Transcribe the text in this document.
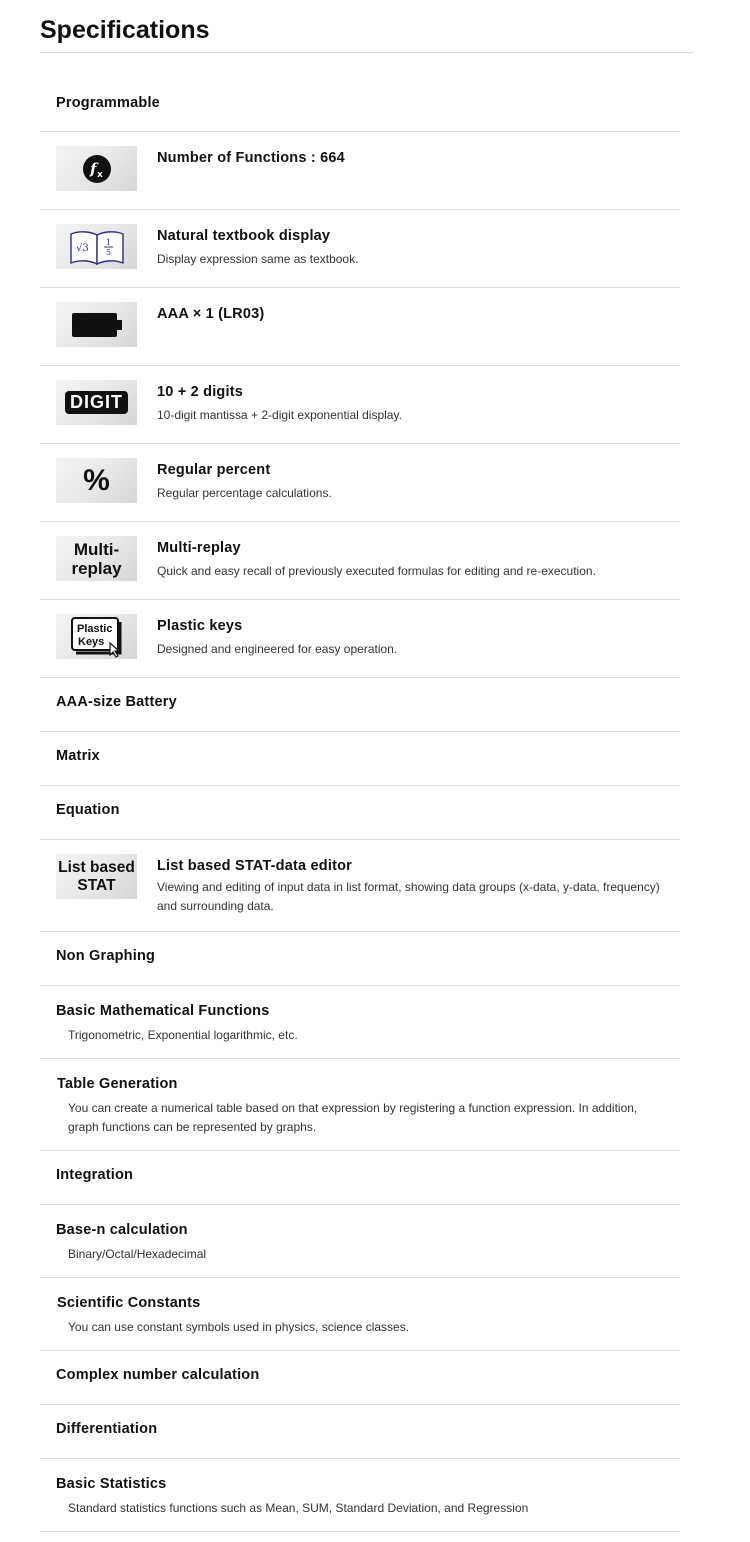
Specifications
Programmable
f x
Number of Functions : 664
√3
1
5
Natural textbook display
Display expression same as textbook.
AAA × 1 (LR03)
DIGIT	10 + 2 digits
10-digit mantissa + 2-digit exponential display.
%	Regular percent
Regular percentage calculations.
Multi-
replay
Multi-replay
Quick and easy recall of previously executed formulas for editing and re-execution.
Plastic
Keys
Plastic keys
Designed and engineered for easy operation.
AAA-size Battery
Matrix
Equation
List based
STAT
List based STAT-data editor
Viewing and editing of input data in list format, showing data groups (x-data, y-data, frequency) and surrounding data.
Non Graphing
Basic Mathematical Functions
Trigonometric, Exponential logarithmic, etc.
Table Generation
You can create a numerical table based on that expression by registering a function expression. In addition, graph functions can be represented by graphs.
Integration
Base-n calculation
Binary/Octal/Hexadecimal
Scientific Constants
You can use constant symbols used in physics, science classes.
Complex number calculation
Differentiation
Basic Statistics
Standard statistics functions such as Mean, SUM, Standard Deviation, and Regression
